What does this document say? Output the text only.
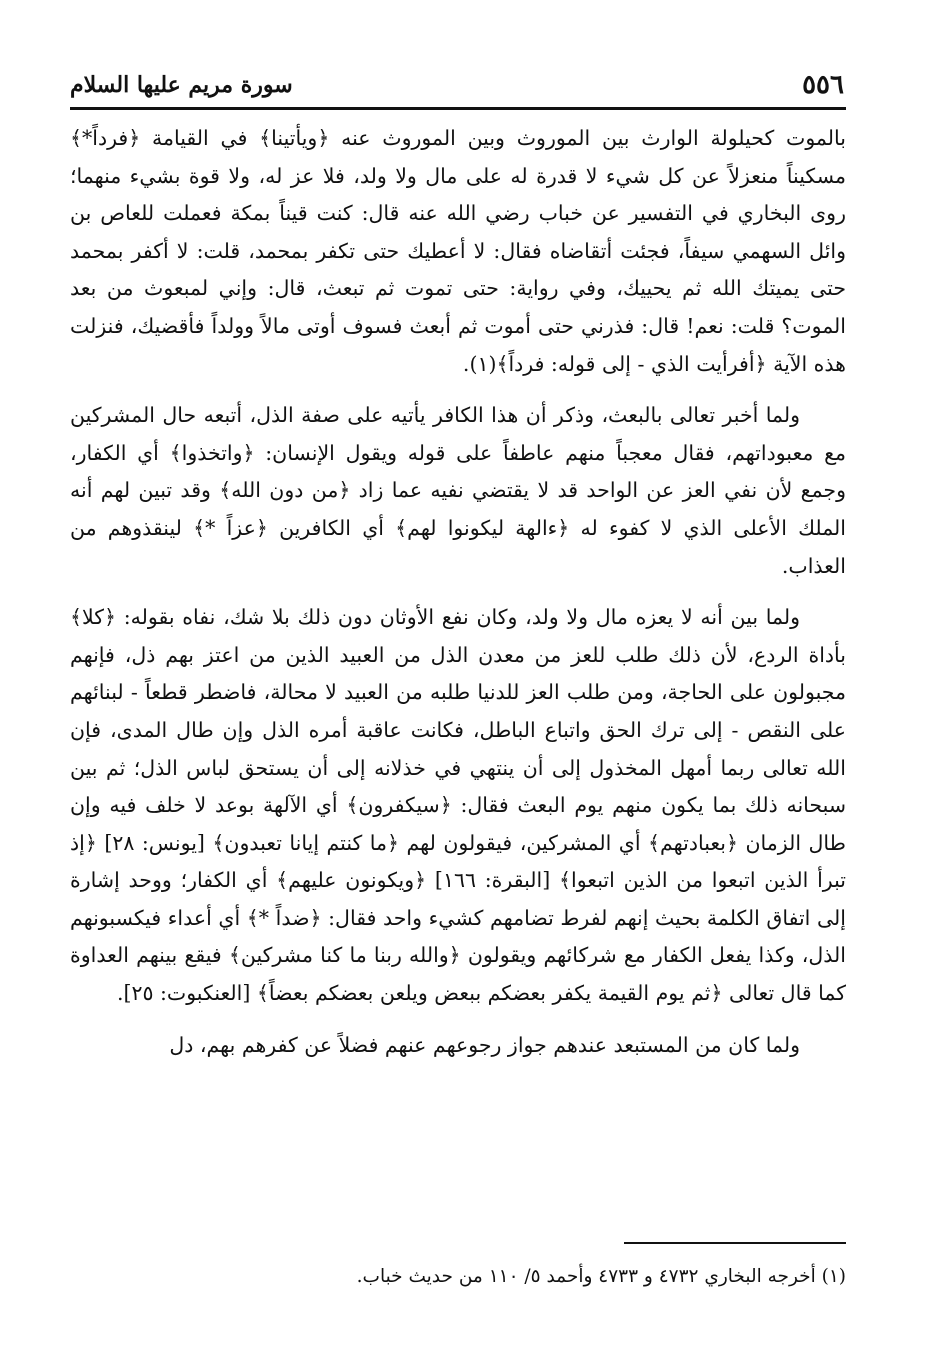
٥٥٦
سورة مريم عليها السلام

بالموت كحيلولة الوارث بين الموروث وبين الموروث عنه ﴿ويأتينا﴾ في القيامة ﴿فرداً*﴾ مسكيناً منعزلاً عن كل شيء لا قدرة له على مال ولا ولد، فلا عز له، ولا قوة بشيء منهما؛ روى البخاري في التفسير عن خباب رضي الله عنه قال: كنت قيناً بمكة فعملت للعاص بن وائل السهمي سيفاً، فجئت أتقاضاه فقال: لا أعطيك حتى تكفر بمحمد، قلت: لا أكفر بمحمد حتى يميتك الله ثم يحييك، وفي رواية: حتى تموت ثم تبعث، قال: وإني لمبعوث من بعد الموت؟ قلت: نعم! قال: فذرني حتى أموت ثم أبعث فسوف أوتى مالاً وولداً فأقضيك، فنزلت هذه الآية ﴿أفرأيت الذي - إلى قوله: فرداً﴾(١).

ولما أخبر تعالى بالبعث، وذكر أن هذا الكافر يأتيه على صفة الذل، أتبعه حال المشركين مع معبوداتهم، فقال معجباً منهم عاطفاً على قوله ويقول الإنسان: ﴿واتخذوا﴾ أي الكفار، وجمع لأن نفي العز عن الواحد قد لا يقتضي نفيه عما زاد ﴿من دون الله﴾ وقد تبين لهم أنه الملك الأعلى الذي لا كفوء له ﴿ءالهة ليكونوا لهم﴾ أي الكافرين ﴿عزاً *﴾ لينقذوهم من العذاب.

ولما بين أنه لا يعزه مال ولا ولد، وكان نفع الأوثان دون ذلك بلا شك، نفاه بقوله: ﴿كلا﴾ بأداة الردع، لأن ذلك طلب للعز من معدن الذل من العبيد الذين من اعتز بهم ذل، فإنهم مجبولون على الحاجة، ومن طلب العز للدنيا طلبه من العبيد لا محالة، فاضطر قطعاً - لبنائهم على النقص - إلى ترك الحق واتباع الباطل، فكانت عاقبة أمره الذل وإن طال المدى، فإن الله تعالى ربما أمهل المخذول إلى أن ينتهي في خذلانه إلى أن يستحق لباس الذل؛ ثم بين سبحانه ذلك بما يكون منهم يوم البعث فقال: ﴿سيكفرون﴾ أي الآلهة بوعد لا خلف فيه وإن طال الزمان ﴿بعبادتهم﴾ أي المشركين، فيقولون لهم ﴿ما كنتم إيانا تعبدون﴾ [يونس: ٢٨] ﴿إذ تبرأ الذين اتبعوا من الذين اتبعوا﴾ [البقرة: ١٦٦] ﴿ويكونون عليهم﴾ أي الكفار؛ ووحد إشارة إلى اتفاق الكلمة بحيث إنهم لفرط تضامهم كشيء واحد فقال: ﴿ضداً *﴾ أي أعداء فيكسبونهم الذل، وكذا يفعل الكفار مع شركائهم ويقولون ﴿والله ربنا ما كنا مشركين﴾ فيقع بينهم العداوة كما قال تعالى ﴿ثم يوم القيمة يكفر بعضكم ببعض ويلعن بعضكم بعضاً﴾ [العنكبوت: ٢٥].

ولما كان من المستبعد عندهم جواز رجوعهم عنهم فضلاً عن كفرهم بهم، دل

(١) أخرجه البخاري ٤٧٣٢ و ٤٧٣٣ وأحمد ٥/ ١١٠ من حديث خباب.
